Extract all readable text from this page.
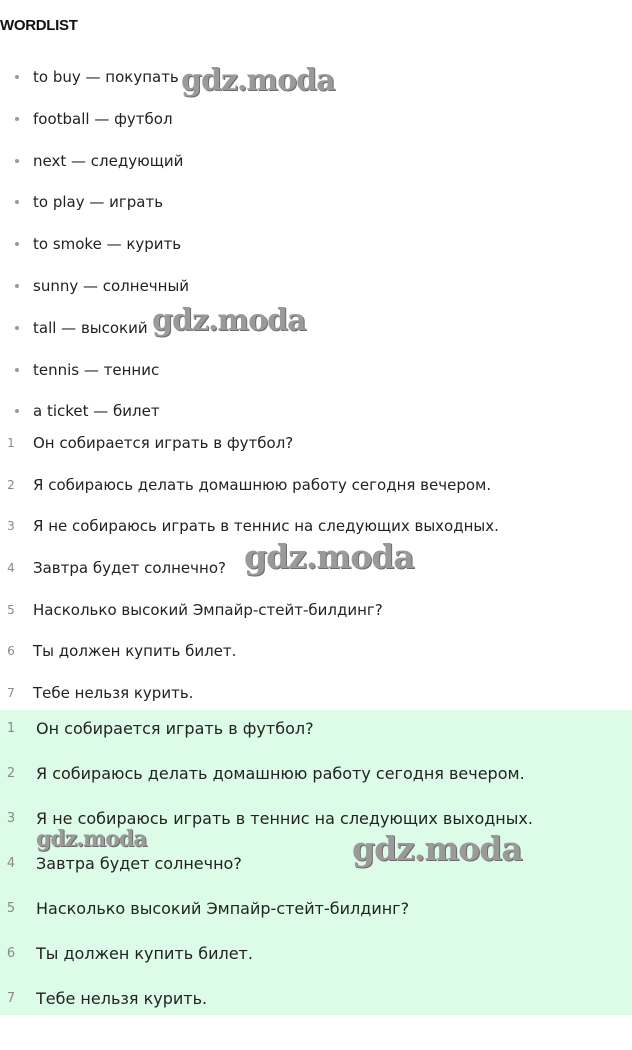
WORDLIST
to buy — покупать
football — футбол
next — следующий
to play — играть
to smoke — курить
sunny — солнечный
tall — высокий
tennis — теннис
a ticket — билет
1	Он собирается играть в футбол?
2	Я собираюсь делать домашнюю работу сегодня вечером.
3	Я не собираюсь играть в теннис на следующих выходных.
4	Завтра будет солнечно?
5	Насколько высокий Эмпайр-стейт-билдинг?
6	Ты должен купить билет.
7	Тебе нельзя курить.
1	Он собирается играть в футбол?
2	Я собираюсь делать домашнюю работу сегодня вечером.
3	Я не собираюсь играть в теннис на следующих выходных.
4	Завтра будет солнечно?
5	Насколько высокий Эмпайр-стейт-билдинг?
6	Ты должен купить билет.
7	Тебе нельзя курить.
gdz.moda
gdz.moda
gdz.moda
gdz.moda	gdz.moda
